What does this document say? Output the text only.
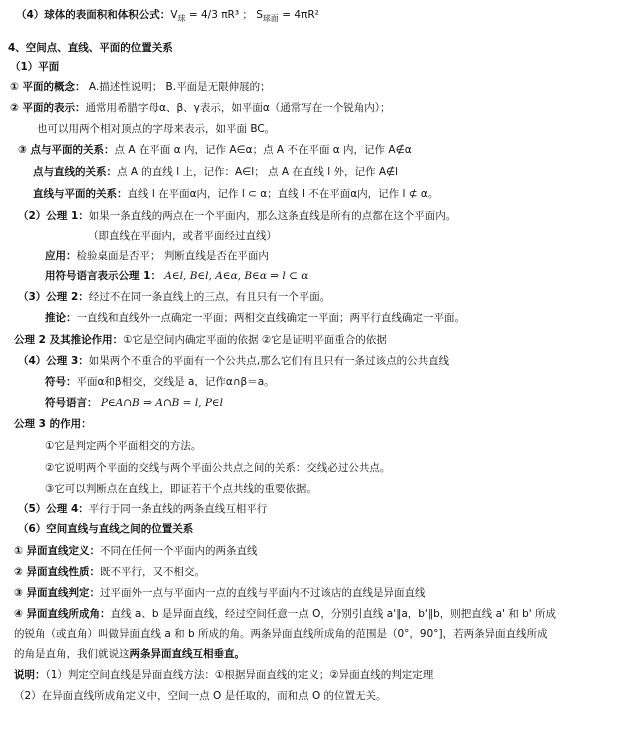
（4）球体的表面积和体积公式：$V_球 = 4/3$ πR³ ； $S_{球面} = 4\pi R^2$
4、空间点、直线、平面的位置关系
（1）平面
① 平面的概念： A.描述性说明； B.平面是无限伸展的；
② 平面的表示：通常用希腊字母α、β、γ表示，如平面α（通常写在一个锐角内）；
也可以用两个相对顶点的字母来表示，如平面 BC。
③ 点与平面的关系：点 A 在平面 α 内，记作 A∈α；点 A 不在平面 α 内，记作 A∉α
点与直线的关系：点 A 的直线 l 上，记作：A∈l； 点 A 在直线 l 外，记作 A∉l
直线与平面的关系：直线 l 在平面α内，记作 l ⊂ α；直线 l 不在平面α内，记作 l ⊄ α。
（2）公理 1：如果一条直线的两点在一个平面内，那么这条直线是所有的点都在这个平面内。
（即直线在平面内，或者平面经过直线）
应用：检验桌面是否平； 判断直线是否在平面内
用符号语言表示公理 1： A∈l, B∈l, A∈α, B∈α ⇒ l ⊂ α
（3）公理 2：经过不在同一条直线上的三点，有且只有一个平面。
推论：一直线和直线外一点确定一平面；两相交直线确定一平面；两平行直线确定一平面。
公理 2 及其推论作用：①它是空间内确定平面的依据 ②它是证明平面重合的依据
（4）公理 3：如果两个不重合的平面有一个公共点,那么它们有且只有一条过该点的公共直线
符号：平面α和β相交，交线是 a，记作α∩β＝a。
符号语言： P∈A∩B ⇒ A∩B = l, P∈l
公理 3 的作用：
①它是判定两个平面相交的方法。
②它说明两个平面的交线与两个平面公共点之间的关系：交线必过公共点。
③它可以判断点在直线上，即证若干个点共线的重要依据。
（5）公理 4：平行于同一条直线的两条直线互相平行
（6）空间直线与直线之间的位置关系
① 异面直线定义：不同在任何一个平面内的两条直线
② 异面直线性质：既不平行，又不相交。
③ 异面直线判定：过平面外一点与平面内一点的直线与平面内不过该店的直线是异面直线
④ 异面直线所成角：直线 a、b 是异面直线，经过空间任意一点 O，分别引直线 a'∥a，b'∥b，则把直线 a' 和 b' 所成
的锐角（或直角）叫做异面直线 a 和 b 所成的角。两条异面直线所成角的范围是（0°，90°]，若两条异面直线所成
的角是直角，我们就说这两条异面直线互相垂直。
说明：（1）判定空间直线是异面直线方法：①根据异面直线的定义；②异面直线的判定定理
（2）在异面直线所成角定义中，空间一点 O 是任取的，而和点 O 的位置无关。
